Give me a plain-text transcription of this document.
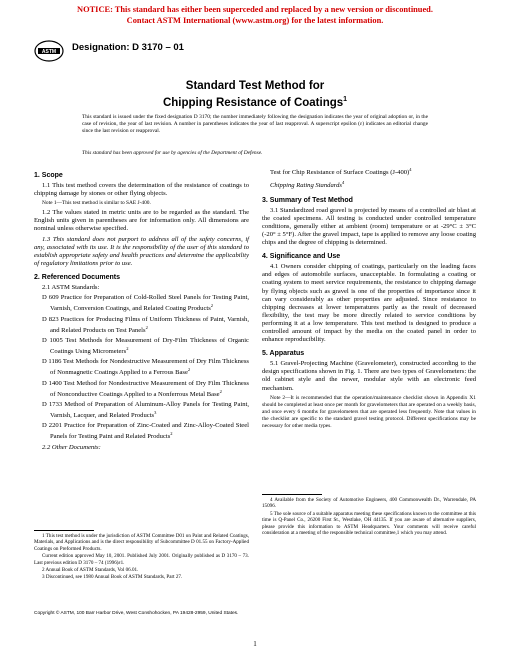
NOTICE: This standard has either been superceded and replaced by a new version or discontinued.
Contact ASTM International (www.astm.org) for the latest information.
ASTM Designation: D 3170 – 01
Standard Test Method for
Chipping Resistance of Coatings$^1$
This standard is issued under the fixed designation D 3170; the number immediately following the designation indicates the year of original adoption or, in the case of revision, the year of last revision. A number in parentheses indicates the year of last reapproval. A superscript epsilon (ε) indicates an editorial change since the last revision or reapproval.
This standard has been approved for use by agencies of the Department of Defense.
1. Scope

1.1 This test method covers the determination of the resistance of coatings to chipping damage by stones or other flying objects.

Note 1—This test method is similar to SAE J-400.

1.2 The values stated in metric units are to be regarded as the standard. The English units given in parentheses are for information only. All dimensions are nominal unless otherwise specified.

1.3 This standard does not purport to address all of the safety concerns, if any, associated with its use. It is the responsibility of the user of this standard to establish appropriate safety and health practices and determine the applicability of regulatory limitations prior to use.

2. Referenced Documents

2.1 ASTM Standards:

D 609 Practice for Preparation of Cold-Rolled Steel Panels for Testing Paint, Varnish, Conversion Coatings, and Related Coating Products$^2$

D 823 Practices for Producing Films of Uniform Thickness of Paint, Varnish, and Related Products on Test Panels$^2$

D 1005 Test Methods for Measurement of Dry-Film Thickness of Organic Coatings Using Micrometers$^2$

D 1186 Test Methods for Nondestructive Measurement of Dry Film Thickness of Nonmagnetic Coatings Applied to a Ferrous Base$^2$

D 1400 Test Method for Nondestructive Measurement of Dry Film Thickness of Nonconductive Coatings Applied to a Nonferrous Metal Base$^2$

D 1733 Method of Preparation of Aluminum-Alloy Panels for Testing Paint, Varnish, Lacquer, and Related Products$^3$

D 2201 Practice for Preparation of Zinc-Coated and Zinc-Alloy-Coated Steel Panels for Testing Paint and Related Products$^2$

2.2 Other Documents:

Test for Chip Resistance of Surface Coatings $(J-400)^4$

Chipping Rating Standards$^4$

3. Summary of Test Method

3.1 Standardized road gravel is projected by means of a controlled air blast at the coated specimens. All testing is conducted under controlled temperature conditions, generally either at ambient (room) temperature or at -29°C ± 3°C (-20° ± 5°F). After the gravel impact, tape is applied to remove any loose coating chips and the degree of chipping is determined.

4. Significance and Use

4.1 Owners consider chipping of coatings, particularly on the leading faces and edges of automobile surfaces, unacceptable. In formulating a coating or coating system to meet service requirements, the resistance to chipping damage by flying objects such as gravel is one of the properties of importance since it can vary considerably as other properties are adjusted. Since resistance to chipping decreases at lower temperatures partly as the result of decreased flexibility, the test may be more directly related to service conditions by performing it at a low temperature. This test method is designed to produce a controlled amount of impact by the media on the coated panel in order to enhance reproducibility.

5. Apparatus

5.1 Gravel-Projecting Machine (Gravelometer), constructed according to the design specifications shown in Fig. 1. There are two types of Gravelometers: the old cabinet style and the newer, modular style with an electronic feed mechanism.

Note 2—It is recommended that the operation/maintenance checklist shown in Appendix X1 should be completed at least once per month for gravelometers that are operated on a weekly basis, and once every 6 months for gravelometers that are operated less frequently. Note that values in the checklist are specific to the standard gravel testing protocol. Different specifications may be necessary for other media types.

1 This test method is under the jurisdiction of ASTM Committee D01 on Paint and Related Coatings, Materials, and Applications and is the direct responsibility of Subcommittee D 01.55 on Factory-Applied Coatings on Preformed Products.

Current edition approved May 10, 2001. Published July 2001. Originally published as D 3170 – 73. Last previous edition D 3170 – 74 (1996)ε1.

2 Annual Book of ASTM Standards, Vol 06.01.

3 Discontinued, see 1980 Annual Book of ASTM Standards, Part 27.

4 Available from the Society of Automotive Engineers, 400 Commonwealth Dr., Warrendale, PA 15096.

5 The sole source of a suitable apparatus meeting these specifications known to the committee at this time is Q-Panel Co., 26200 First St., Westlake, OH 44135. If you are aware of alternative suppliers, please provide this information to ASTM Headquarters. Your comments will receive careful consideration at a meeting of the responsible technical committee,1 which you may attend.

Copyright © ASTM, 100 Barr Harbor Drive, West Conshohocken, PA 19428-2959, United States.
1
